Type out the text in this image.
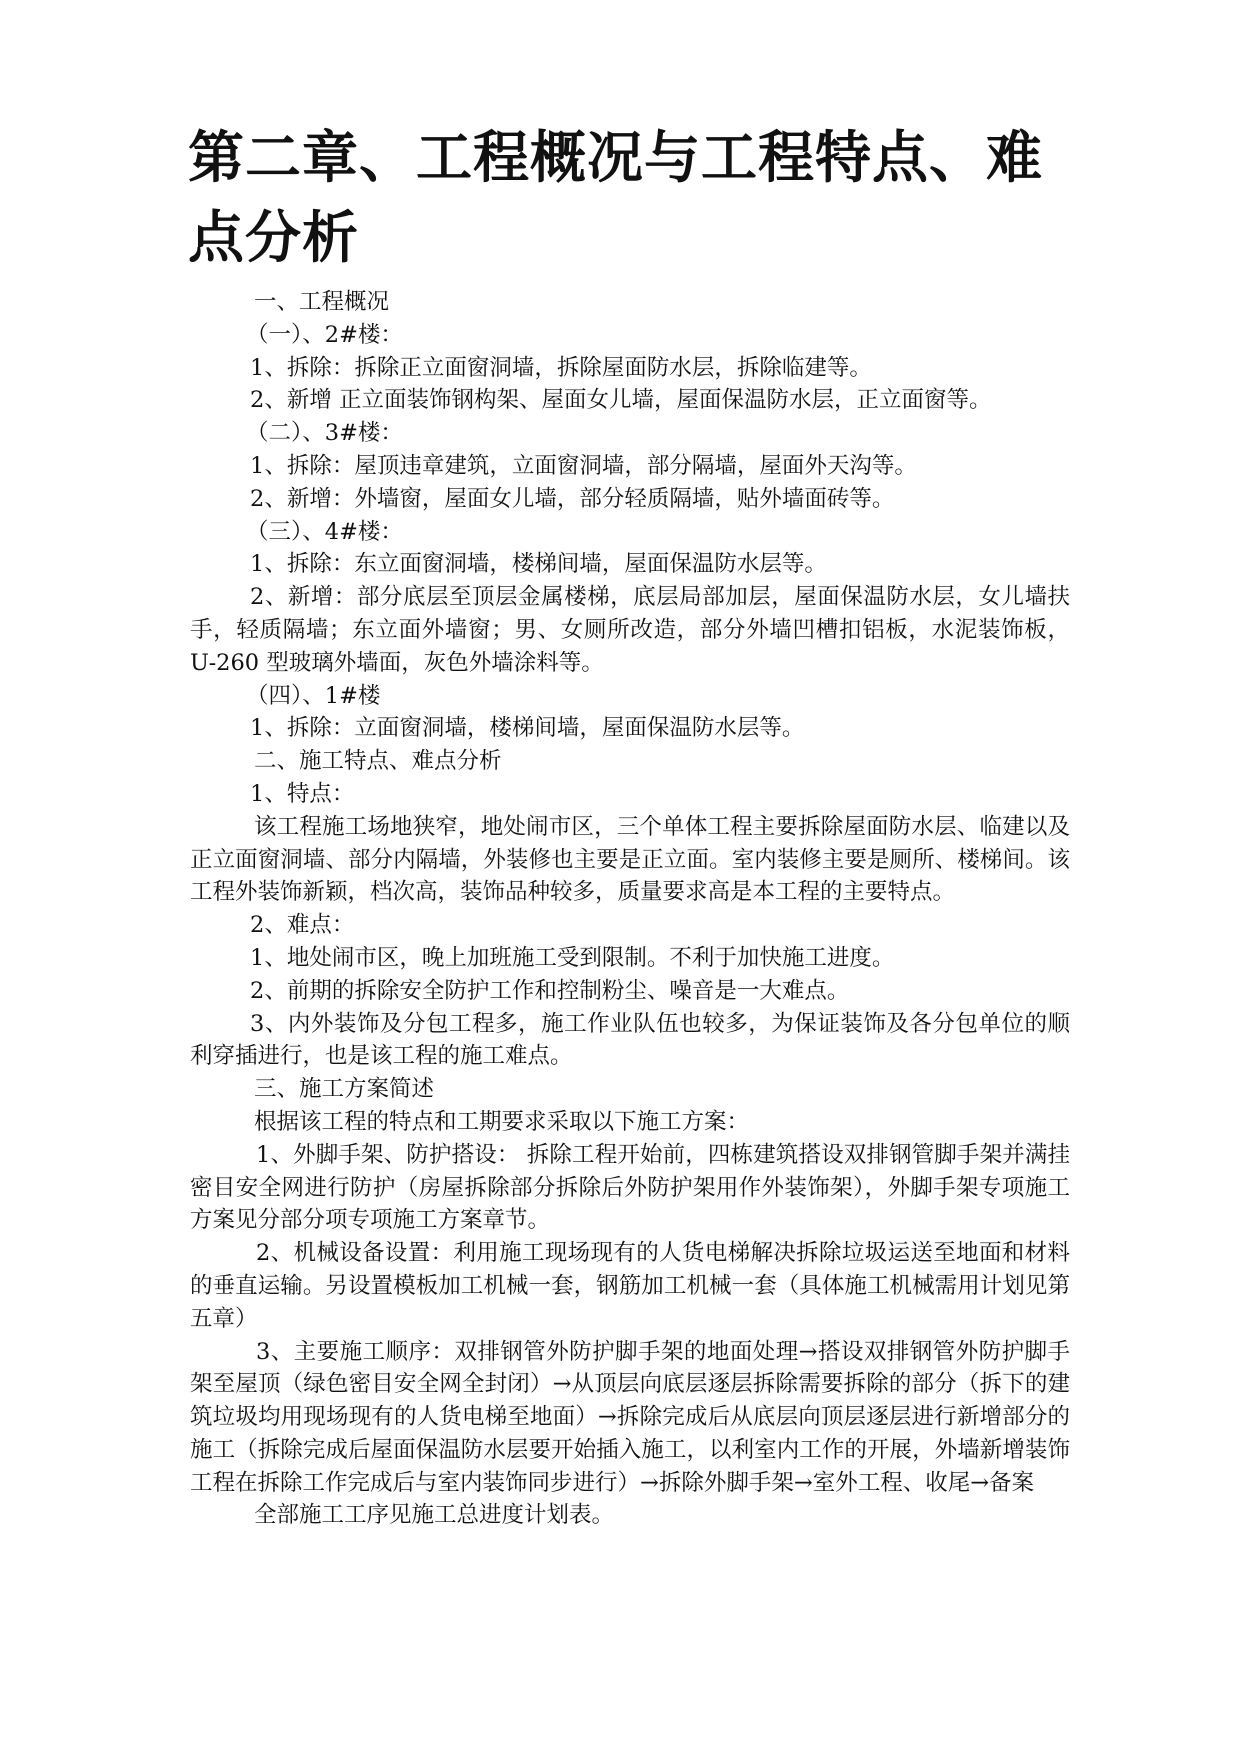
第二章、工程概况与工程特点、难点分析

一、工程概况

（一）、2#楼：

1、拆除：拆除正立面窗洞墙，拆除屋面防水层，拆除临建等。

2、新增 正立面装饰钢构架、屋面女儿墙，屋面保温防水层，正立面窗等。

（二）、3#楼：

1、拆除：屋顶违章建筑，立面窗洞墙，部分隔墙，屋面外天沟等。

2、新增：外墙窗，屋面女儿墙，部分轻质隔墙，贴外墙面砖等。

（三）、4#楼：

1、拆除：东立面窗洞墙，楼梯间墙，屋面保温防水层等。

2、新增：部分底层至顶层金属楼梯，底层局部加层，屋面保温防水层，女儿墙扶手，轻质隔墙；东立面外墙窗；男、女厕所改造，部分外墙凹槽扣铝板，水泥装饰板，U-260 型玻璃外墙面，灰色外墙涂料等。

（四）、1#楼

1、拆除：立面窗洞墙，楼梯间墙，屋面保温防水层等。

二、施工特点、难点分析

1、特点：

该工程施工场地狭窄，地处闹市区，三个单体工程主要拆除屋面防水层、临建以及正立面窗洞墙、部分内隔墙，外装修也主要是正立面。室内装修主要是厕所、楼梯间。该工程外装饰新颖，档次高，装饰品种较多，质量要求高是本工程的主要特点。

2、难点：

1、地处闹市区，晚上加班施工受到限制。不利于加快施工进度。

2、前期的拆除安全防护工作和控制粉尘、噪音是一大难点。

3、内外装饰及分包工程多，施工作业队伍也较多，为保证装饰及各分包单位的顺利穿插进行，也是该工程的施工难点。

三、施工方案简述

根据该工程的特点和工期要求采取以下施工方案：

1、外脚手架、防护搭设： 拆除工程开始前，四栋建筑搭设双排钢管脚手架并满挂密目安全网进行防护（房屋拆除部分拆除后外防护架用作外装饰架），外脚手架专项施工方案见分部分项专项施工方案章节。

2、机械设备设置：利用施工现场现有的人货电梯解决拆除垃圾运送至地面和材料的垂直运输。另设置模板加工机械一套，钢筋加工机械一套（具体施工机械需用计划见第五章）

3、主要施工顺序：双排钢管外防护脚手架的地面处理→搭设双排钢管外防护脚手架至屋顶（绿色密目安全网全封闭）→从顶层向底层逐层拆除需要拆除的部分（拆下的建筑垃圾均用现场现有的人货电梯至地面）→拆除完成后从底层向顶层逐层进行新增部分的施工（拆除完成后屋面保温防水层要开始插入施工，以利室内工作的开展，外墙新增装饰工程在拆除工作完成后与室内装饰同步进行）→拆除外脚手架→室外工程、收尾→备案

全部施工工序见施工总进度计划表。
